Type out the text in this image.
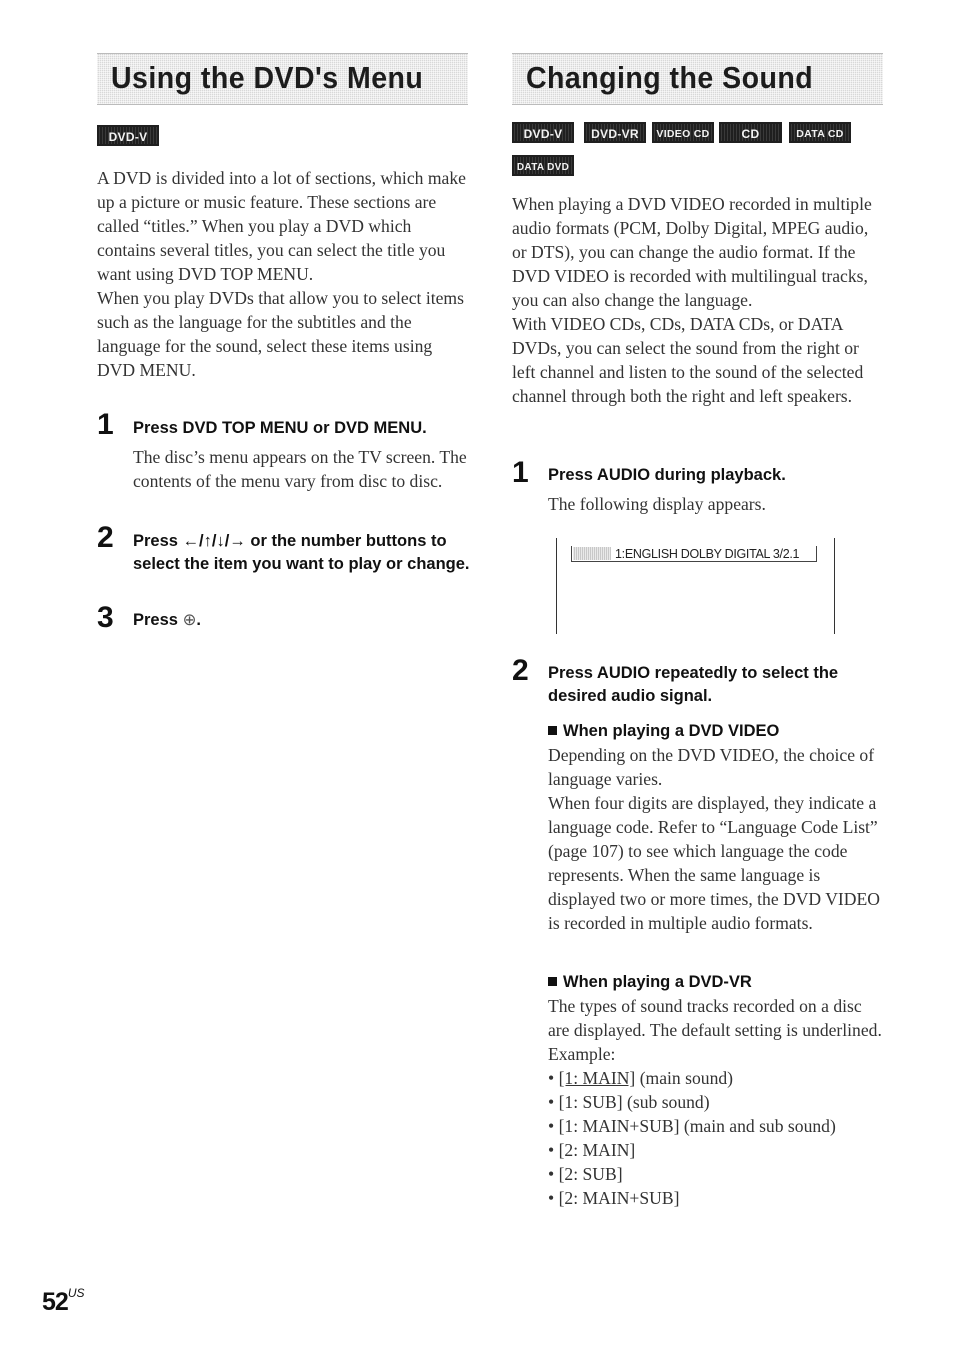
Using the DVD's Menu
DVD-V

A DVD is divided into a lot of sections, which make up a picture or music feature. These sections are called “titles.” When you play a DVD which contains several titles, you can select the title you want using DVD TOP MENU.

When you play DVDs that allow you to select items such as the language for the subtitles and the language for the sound, select these items using DVD MENU.

1 Press DVD TOP MENU or DVD MENU.
The disc’s menu appears on the TV screen. The contents of the menu vary from disc to disc.
2 Press ←/↑/↓/→ or the number buttons to select the item you want to play or change.
3 Press ⊕.
Changing the Sound
DVD-V	DVD-VR	VIDEO CD	CD	DATA CD
DATA DVD

When playing a DVD VIDEO recorded in multiple audio formats (PCM, Dolby Digital, MPEG audio, or DTS), you can change the audio format. If the DVD VIDEO is recorded with multilingual tracks, you can also change the language.

With VIDEO CDs, CDs, DATA CDs, or DATA DVDs, you can select the sound from the right or left channel and listen to the sound of the selected channel through both the right and left speakers.

1 Press AUDIO during playback.
The following display appears.
1:ENGLISH DOLBY DIGITAL 3/2.1
2 Press AUDIO repeatedly to select the desired audio signal.
When playing a DVD VIDEO

Depending on the DVD VIDEO, the choice of language varies.

When four digits are displayed, they indicate a language code. Refer to “Language Code List” (page 107) to see which language the code represents. When the same language is displayed two or more times, the DVD VIDEO is recorded in multiple audio formats.

When playing a DVD-VR

The types of sound tracks recorded on a disc are displayed. The default setting is underlined.

Example:

• [1: MAIN] (main sound)
• [1: SUB] (sub sound)
• [1: MAIN+SUB] (main and sub sound)
• [2: MAIN]
• [2: SUB]
• [2: MAIN+SUB]
$52^{US}$
